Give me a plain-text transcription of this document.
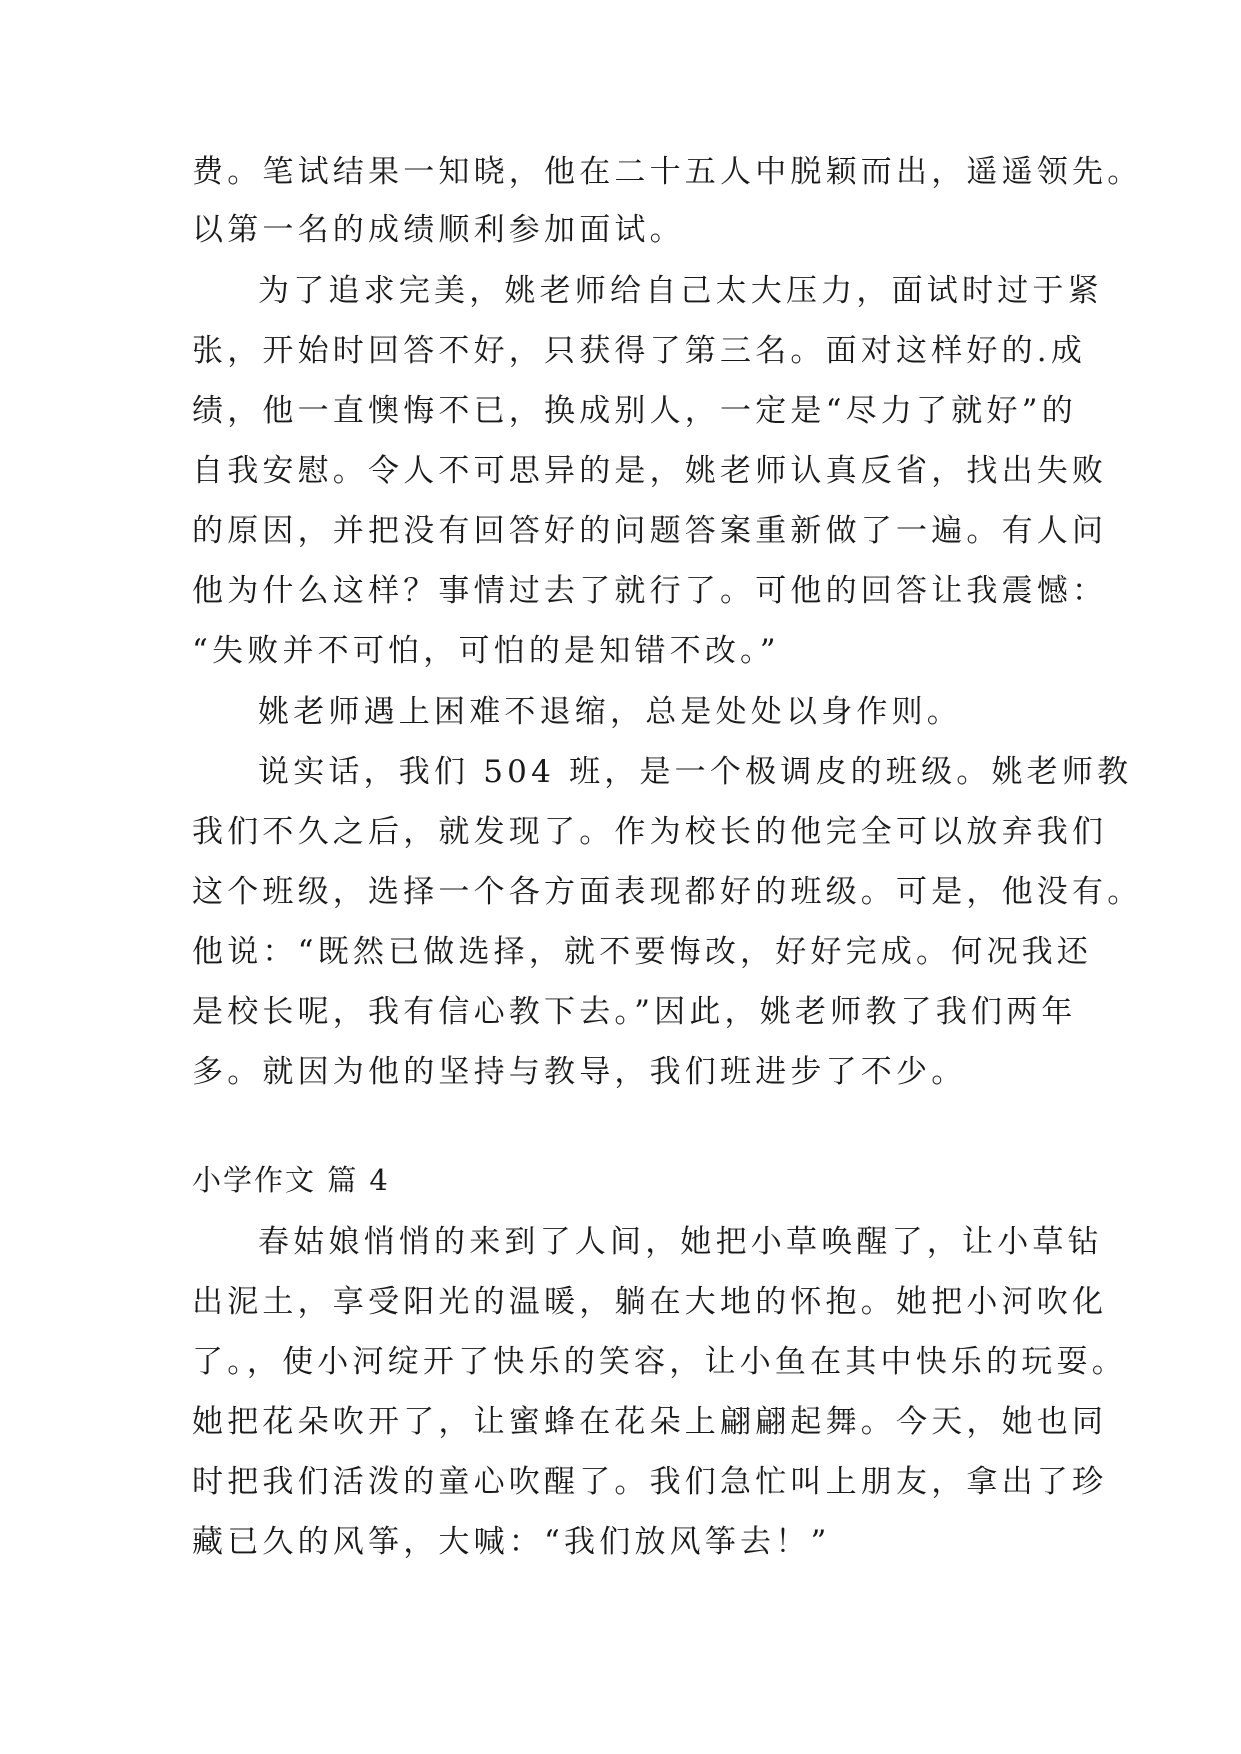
费。笔试结果一知晓，他在二十五人中脱颖而出，遥遥领先。
以第一名的成绩顺利参加面试。
为了追求完美，姚老师给自己太大压力，面试时过于紧
张，开始时回答不好，只获得了第三名。面对这样好的.成
绩，他一直懊悔不已，换成别人，一定是“尽力了就好”的
自我安慰。令人不可思异的是，姚老师认真反省，找出失败
的原因，并把没有回答好的问题答案重新做了一遍。有人问
他为什么这样？事情过去了就行了。可他的回答让我震憾：
“失败并不可怕，可怕的是知错不改。”
姚老师遇上困难不退缩，总是处处以身作则。
说实话，我们 504 班，是一个极调皮的班级。姚老师教
我们不久之后，就发现了。作为校长的他完全可以放弃我们
这个班级，选择一个各方面表现都好的班级。可是，他没有。
他说：“既然已做选择，就不要悔改，好好完成。何况我还
是校长呢，我有信心教下去。”因此，姚老师教了我们两年
多。就因为他的坚持与教导，我们班进步了不少。
小学作文 篇 4
春姑娘悄悄的来到了人间，她把小草唤醒了，让小草钻
出泥土，享受阳光的温暖，躺在大地的怀抱。她把小河吹化
了。，使小河绽开了快乐的笑容，让小鱼在其中快乐的玩耍。
她把花朵吹开了，让蜜蜂在花朵上翩翩起舞。今天，她也同
时把我们活泼的童心吹醒了。我们急忙叫上朋友，拿出了珍
藏已久的风筝，大喊：“我们放风筝去！”
